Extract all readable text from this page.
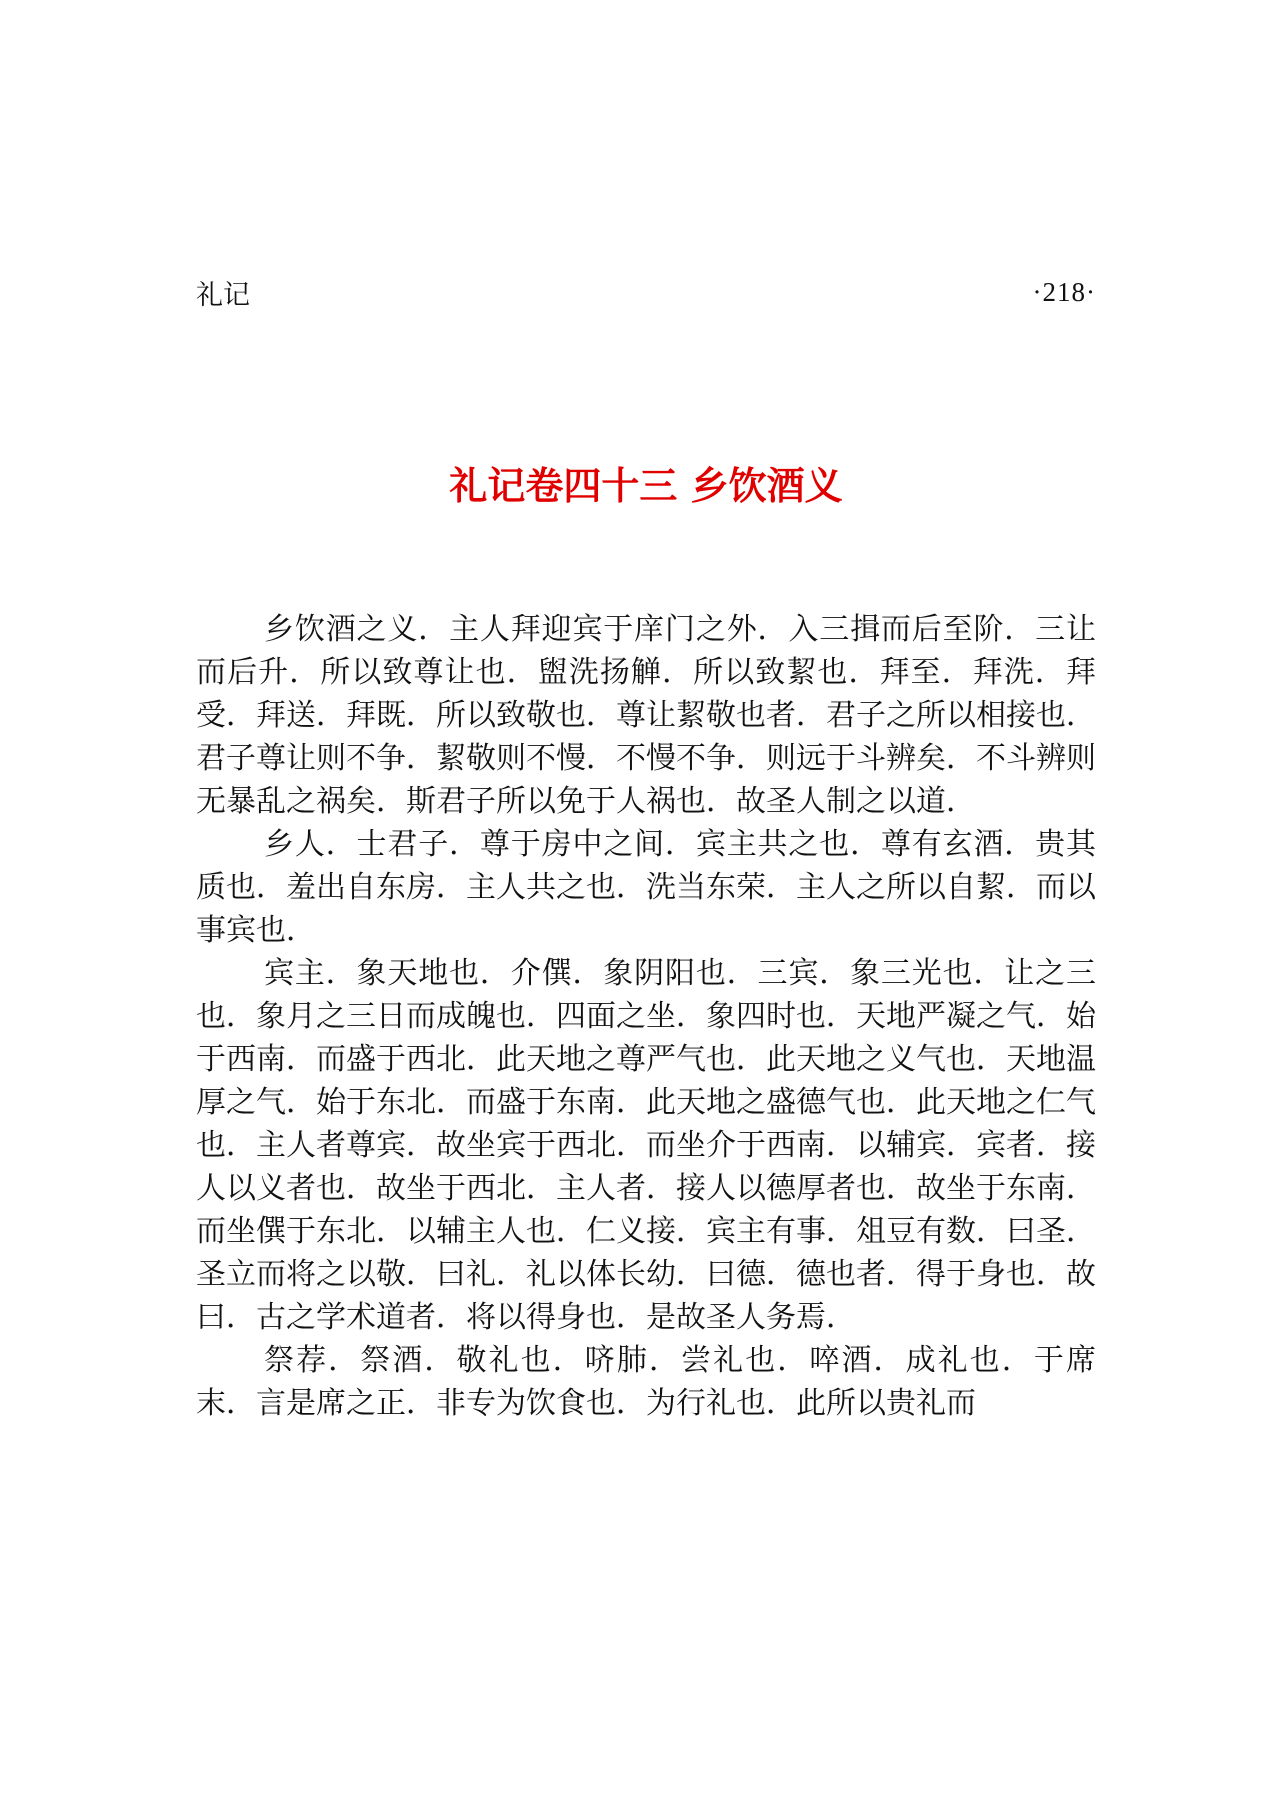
礼记	·218·
礼记卷四十三 乡饮酒义

乡饮酒之义．主人拜迎宾于庠门之外．入三揖而后至阶．三让而后升．所以致尊让也．盥洗扬觯．所以致絜也．拜至．拜洗．拜受．拜送．拜既．所以致敬也．尊让絜敬也者．君子之所以相接也．君子尊让则不争．絜敬则不慢．不慢不争．则远于斗辨矣．不斗辨则无暴乱之祸矣．斯君子所以免于人祸也．故圣人制之以道．

乡人．士君子．尊于房中之间．宾主共之也．尊有玄酒．贵其质也．羞出自东房．主人共之也．洗当东荣．主人之所以自絜．而以事宾也．

宾主．象天地也．介僎．象阴阳也．三宾．象三光也．让之三也．象月之三日而成魄也．四面之坐．象四时也．天地严凝之气．始于西南．而盛于西北．此天地之尊严气也．此天地之义气也．天地温厚之气．始于东北．而盛于东南．此天地之盛德气也．此天地之仁气也．主人者尊宾．故坐宾于西北．而坐介于西南．以辅宾．宾者．接人以义者也．故坐于西北．主人者．接人以德厚者也．故坐于东南．而坐僎于东北．以辅主人也．仁义接．宾主有事．俎豆有数．曰圣．圣立而将之以敬．曰礼．礼以体长幼．曰德．德也者．得于身也．故曰．古之学术道者．将以得身也．是故圣人务焉．

祭荐．祭酒．敬礼也．哜肺．尝礼也．啐酒．成礼也．于席末．言是席之正．非专为饮食也．为行礼也．此所以贵礼而
